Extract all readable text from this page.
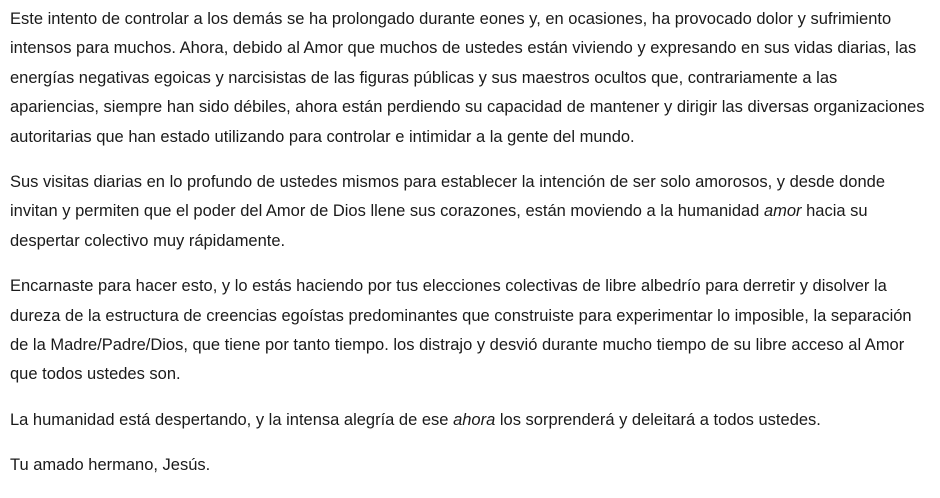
Este intento de controlar a los demás se ha prolongado durante eones y, en ocasiones, ha provocado dolor y sufrimiento intensos para muchos. Ahora, debido al Amor que muchos de ustedes están viviendo y expresando en sus vidas diarias, las energías negativas egoicas y narcisistas de las figuras públicas y sus maestros ocultos que, contrariamente a las apariencias, siempre han sido débiles, ahora están perdiendo su capacidad de mantener y dirigir las diversas organizaciones autoritarias que han estado utilizando para controlar e intimidar a la gente del mundo.

Sus visitas diarias en lo profundo de ustedes mismos para establecer la intención de ser solo amorosos, y desde donde invitan y permiten que el poder del Amor de Dios llene sus corazones, están moviendo a la humanidad amor hacia su despertar colectivo muy rápidamente.

Encarnaste para hacer esto, y lo estás haciendo por tus elecciones colectivas de libre albedrío para derretir y disolver la dureza de la estructura de creencias egoístas predominantes que construiste para experimentar lo imposible, la separación de la Madre/Padre/Dios, que tiene por tanto tiempo. los distrajo y desvió durante mucho tiempo de su libre acceso al Amor que todos ustedes son.

La humanidad está despertando, y la intensa alegría de ese ahora los sorprenderá y deleitará a todos ustedes.

Tu amado hermano, Jesús.
